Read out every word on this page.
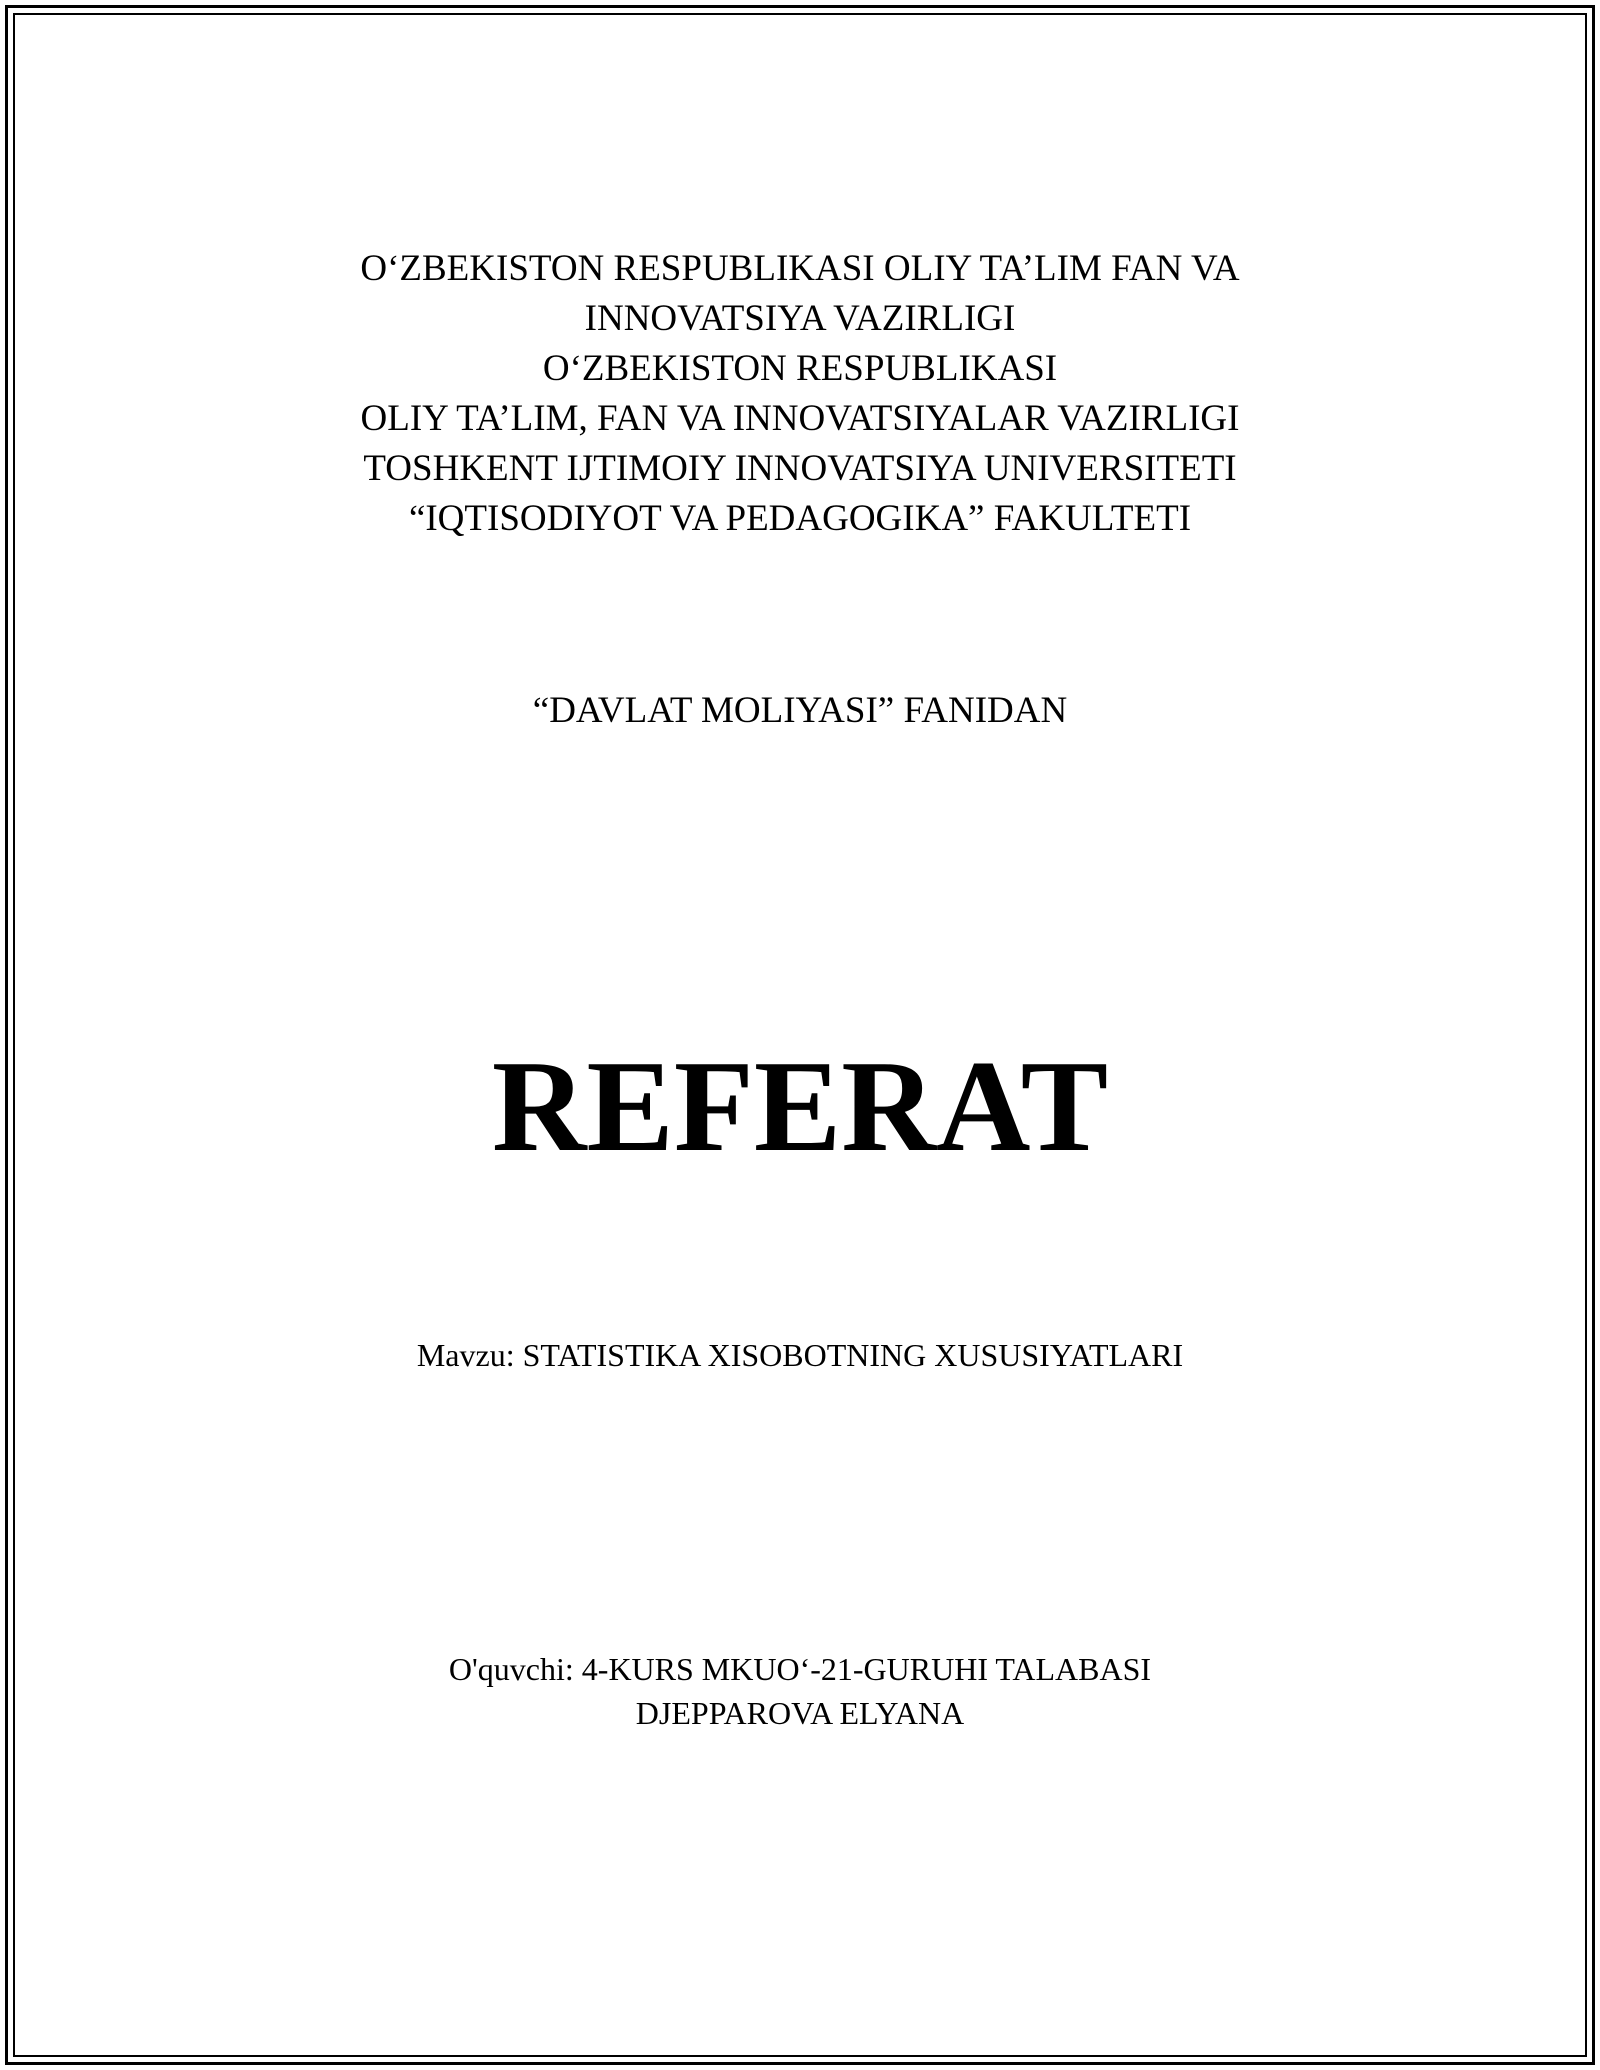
O‘ZBEKISTON RESPUBLIKASI OLIY TA’LIM FAN VA
INNOVATSIYA VAZIRLIGI
O‘ZBEKISTON RESPUBLIKASI
OLIY TA’LIM, FAN VA INNOVATSIYALAR VAZIRLIGI
TOSHKENT IJTIMOIY INNOVATSIYA UNIVERSITETI
“IQTISODIYOT VA PEDAGOGIKA” FAKULTETI
“DAVLAT MOLIYASI” FANIDAN
REFERAT
Mavzu: STATISTIKA XISOBOTNING XUSUSIYATLARI
O'quvchi: 4-KURS MKUO‘-21-GURUHI TALABASI
DJEPPAROVA ELYANA
